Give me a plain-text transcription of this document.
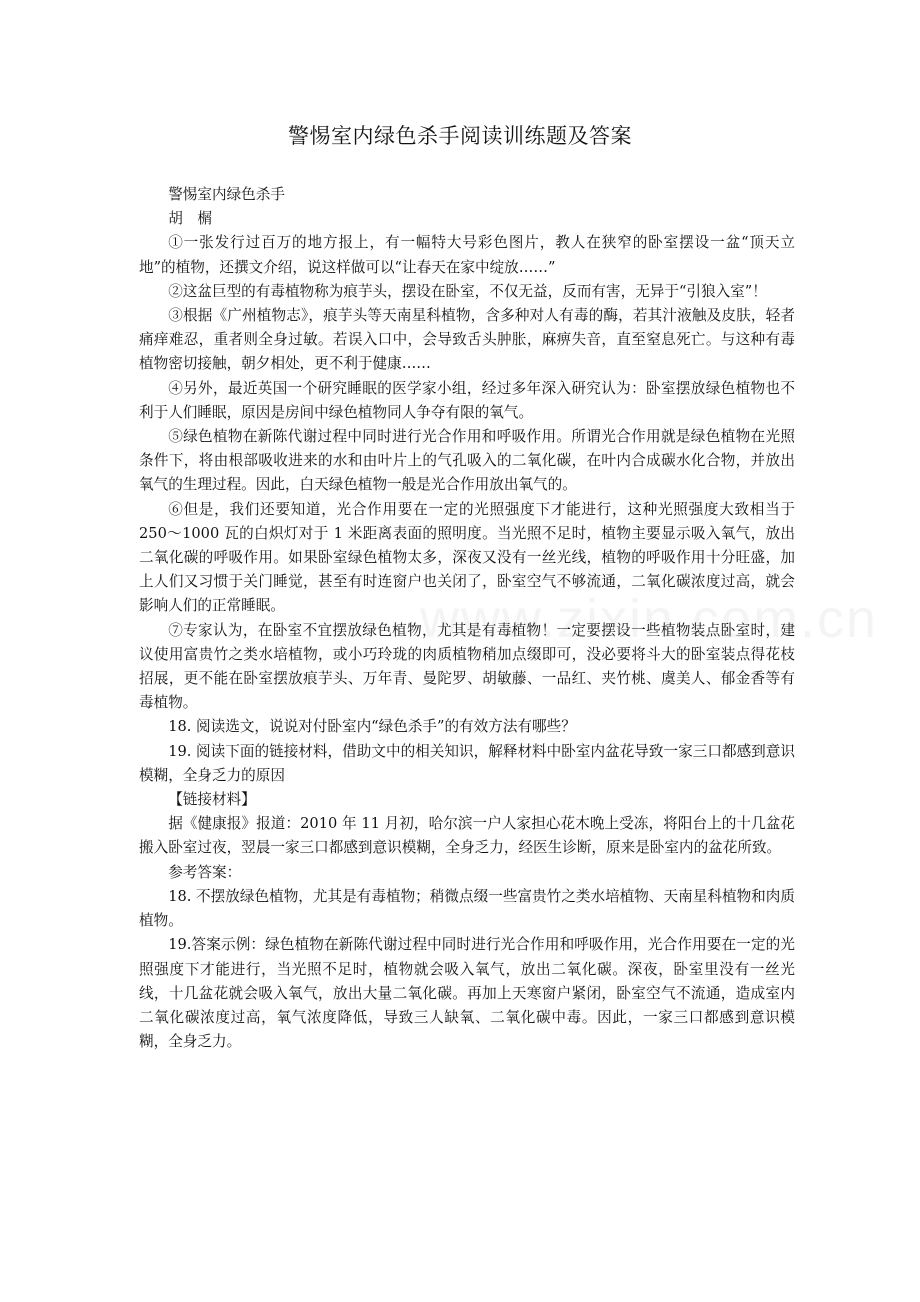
警惕室内绿色杀手阅读训练题及答案

警惕室内绿色杀手

胡　榍

①一张发行过百万的地方报上，有一幅特大号彩色图片，教人在狭窄的卧室摆设一盆“顶天立地”的植物，还撰文介绍，说这样做可以“让春天在家中绽放……”

②这盆巨型的有毒植物称为痕芋头，摆设在卧室，不仅无益，反而有害，无异于“引狼入室”！

③根据《广州植物志》，痕芋头等天南星科植物，含多种对人有毒的酶，若其汁液触及皮肤，轻者痛痒难忍，重者则全身过敏。若误入口中，会导致舌头肿胀，麻痹失音，直至窒息死亡。与这种有毒植物密切接触，朝夕相处，更不利于健康……

④另外，最近英国一个研究睡眠的医学家小组，经过多年深入研究认为：卧室摆放绿色植物也不利于人们睡眠，原因是房间中绿色植物同人争夺有限的氧气。

⑤绿色植物在新陈代谢过程中同时进行光合作用和呼吸作用。所谓光合作用就是绿色植物在光照条件下，将由根部吸收进来的水和由叶片上的气孔吸入的二氧化碳，在叶内合成碳水化合物，并放出氧气的生理过程。因此，白天绿色植物一般是光合作用放出氧气的。

⑥但是，我们还要知道，光合作用要在一定的光照强度下才能进行，这种光照强度大致相当于 250～1000 瓦的白炽灯对于 1 米距离表面的照明度。当光照不足时，植物主要显示吸入氧气，放出二氧化碳的呼吸作用。如果卧室绿色植物太多，深夜又没有一丝光线，植物的呼吸作用十分旺盛，加上人们又习惯于关门睡觉，甚至有时连窗户也关闭了，卧室空气不够流通，二氧化碳浓度过高，就会影响人们的正常睡眠。

⑦专家认为，在卧室不宜摆放绿色植物，尤其是有毒植物！一定要摆设一些植物装点卧室时，建议使用富贵竹之类水培植物，或小巧玲珑的肉质植物稍加点缀即可，没必要将斗大的卧室装点得花枝招展，更不能在卧室摆放痕芋头、万年青、曼陀罗、胡敏藤、一品红、夹竹桃、虞美人、郁金香等有毒植物。

18. 阅读选文，说说对付卧室内“绿色杀手”的有效方法有哪些？

19. 阅读下面的链接材料，借助文中的相关知识，解释材料中卧室内盆花导致一家三口都感到意识模糊，全身乏力的原因

【链接材料】

据《健康报》报道：2010 年 11 月初，哈尔滨一户人家担心花木晚上受冻，将阳台上的十几盆花搬入卧室过夜，翌晨一家三口都感到意识模糊，全身乏力，经医生诊断，原来是卧室内的盆花所致。

参考答案：

18. 不摆放绿色植物，尤其是有毒植物；稍微点缀一些富贵竹之类水培植物、天南星科植物和肉质植物。

19.答案示例：绿色植物在新陈代谢过程中同时进行光合作用和呼吸作用，光合作用要在一定的光照强度下才能进行，当光照不足时，植物就会吸入氧气，放出二氧化碳。深夜，卧室里没有一丝光线，十几盆花就会吸入氧气，放出大量二氧化碳。再加上天寒窗户紧闭，卧室空气不流通，造成室内二氧化碳浓度过高，氧气浓度降低，导致三人缺氧、二氧化碳中毒。因此，一家三口都感到意识模糊，全身乏力。
